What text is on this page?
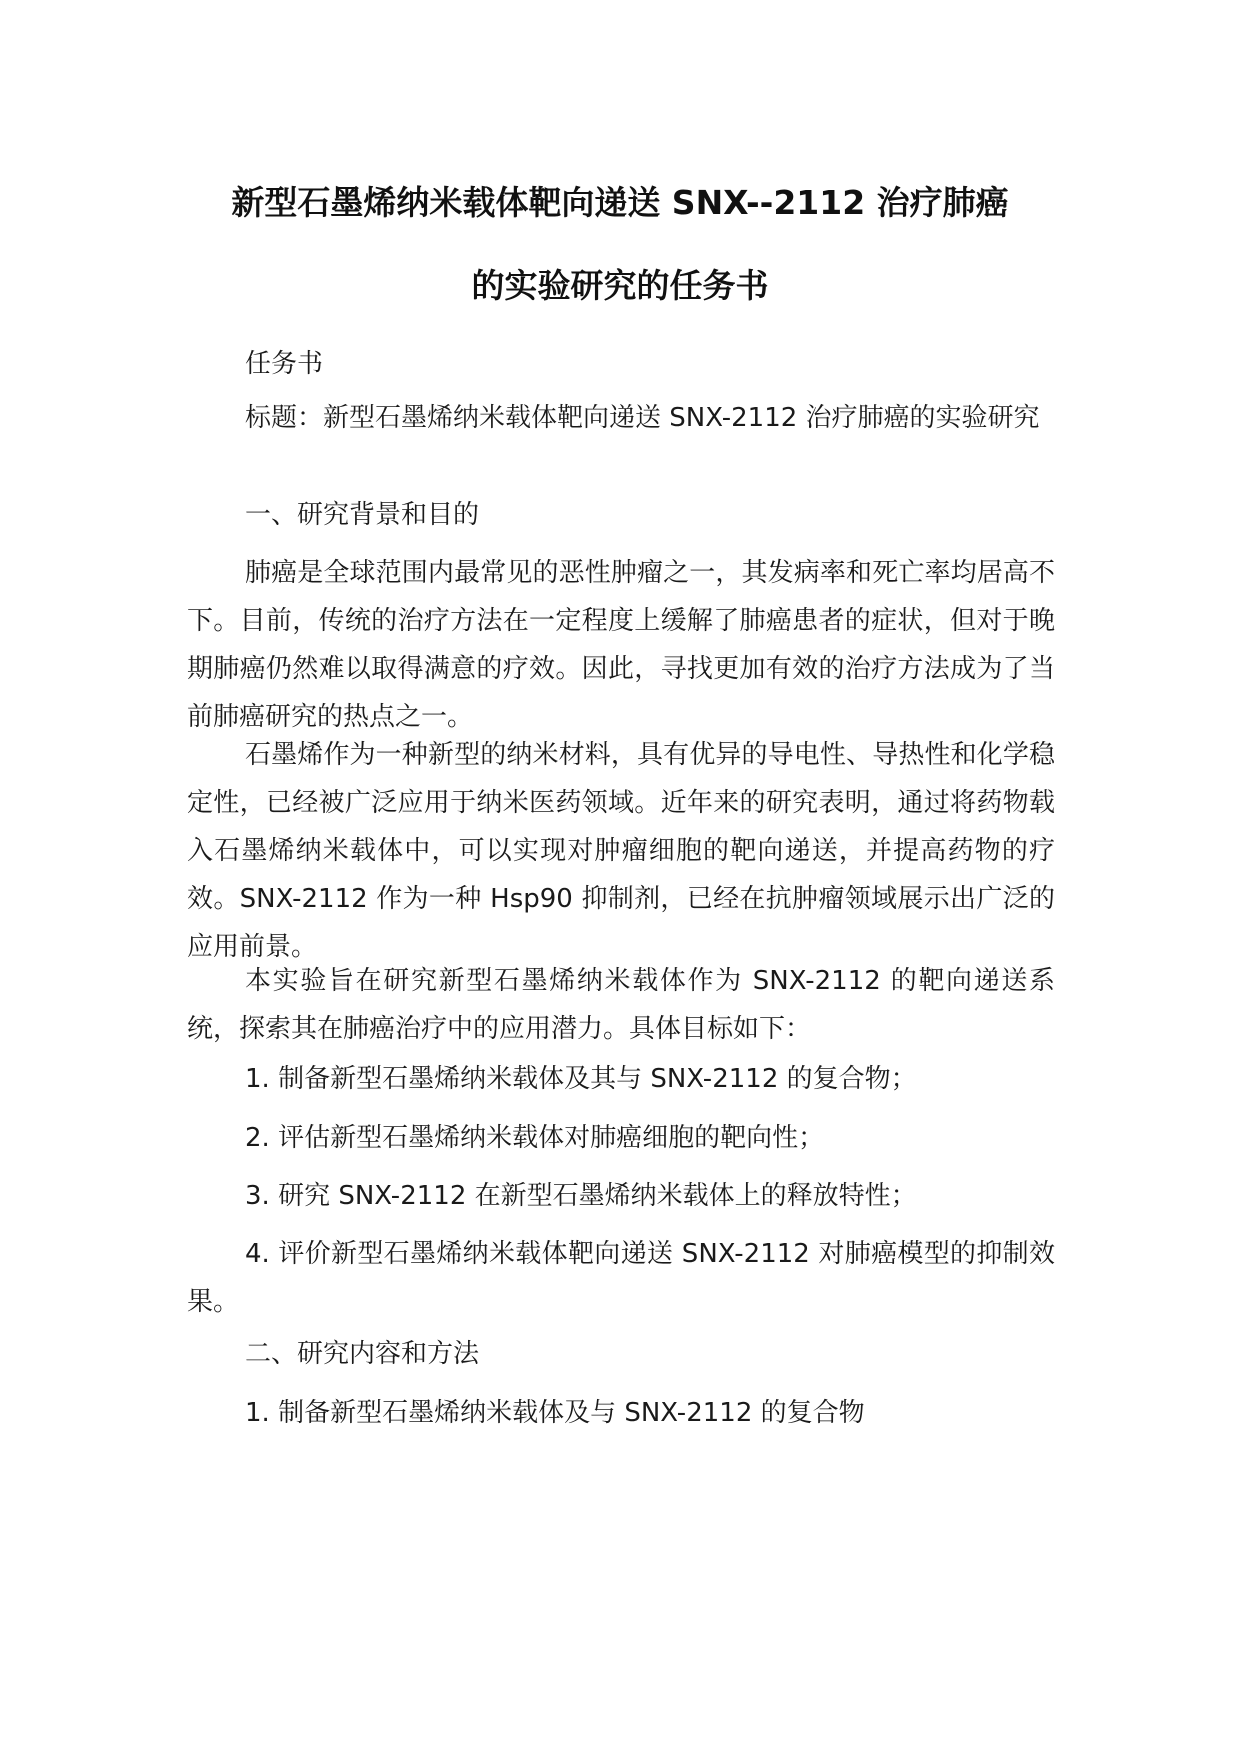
新型石墨烯纳米载体靶向递送 SNX--2112 治疗肺癌
的实验研究的任务书

任务书

标题：新型石墨烯纳米载体靶向递送 SNX-2112 治疗肺癌的实验研究

一、研究背景和目的

肺癌是全球范围内最常见的恶性肿瘤之一，其发病率和死亡率均居高不下。目前，传统的治疗方法在一定程度上缓解了肺癌患者的症状，但对于晚期肺癌仍然难以取得满意的疗效。因此，寻找更加有效的治疗方法成为了当前肺癌研究的热点之一。

石墨烯作为一种新型的纳米材料，具有优异的导电性、导热性和化学稳定性，已经被广泛应用于纳米医药领域。近年来的研究表明，通过将药物载入石墨烯纳米载体中，可以实现对肿瘤细胞的靶向递送，并提高药物的疗效。SNX-2112 作为一种 Hsp90 抑制剂，已经在抗肿瘤领域展示出广泛的应用前景。

本实验旨在研究新型石墨烯纳米载体作为 SNX-2112 的靶向递送系统，探索其在肺癌治疗中的应用潜力。具体目标如下：

1. 制备新型石墨烯纳米载体及其与 SNX-2112 的复合物；

2. 评估新型石墨烯纳米载体对肺癌细胞的靶向性；

3. 研究 SNX-2112 在新型石墨烯纳米载体上的释放特性；

4. 评价新型石墨烯纳米载体靶向递送 SNX-2112 对肺癌模型的抑制效果。

二、研究内容和方法

1. 制备新型石墨烯纳米载体及与 SNX-2112 的复合物
